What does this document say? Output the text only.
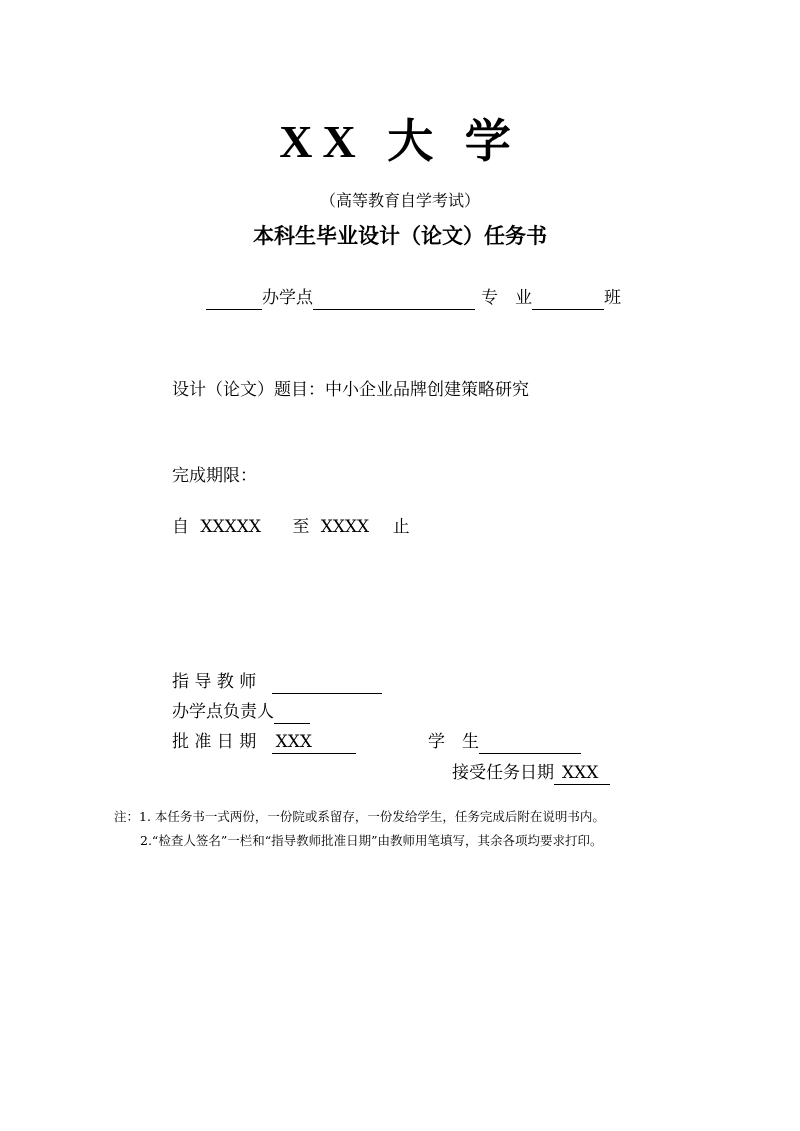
XX 大 学
（高等教育自学考试）
本科生毕业设计（论文）任务书
办学点	专　业	班
设计（论文）题目：中小企业品牌创建策略研究
完成期限：
自 XXXXX 至 XXXX 止
指 导 教 师
办学点负责人
批 准 日 期 XXX	学　生
接受任务日期 XXX
注：1. 本任务书一式两份，一份院或系留存，一份发给学生，任务完成后附在说明书内。
2.“检查人签名”一栏和“指导教师批准日期”由教师用笔填写，其余各项均要求打印。
